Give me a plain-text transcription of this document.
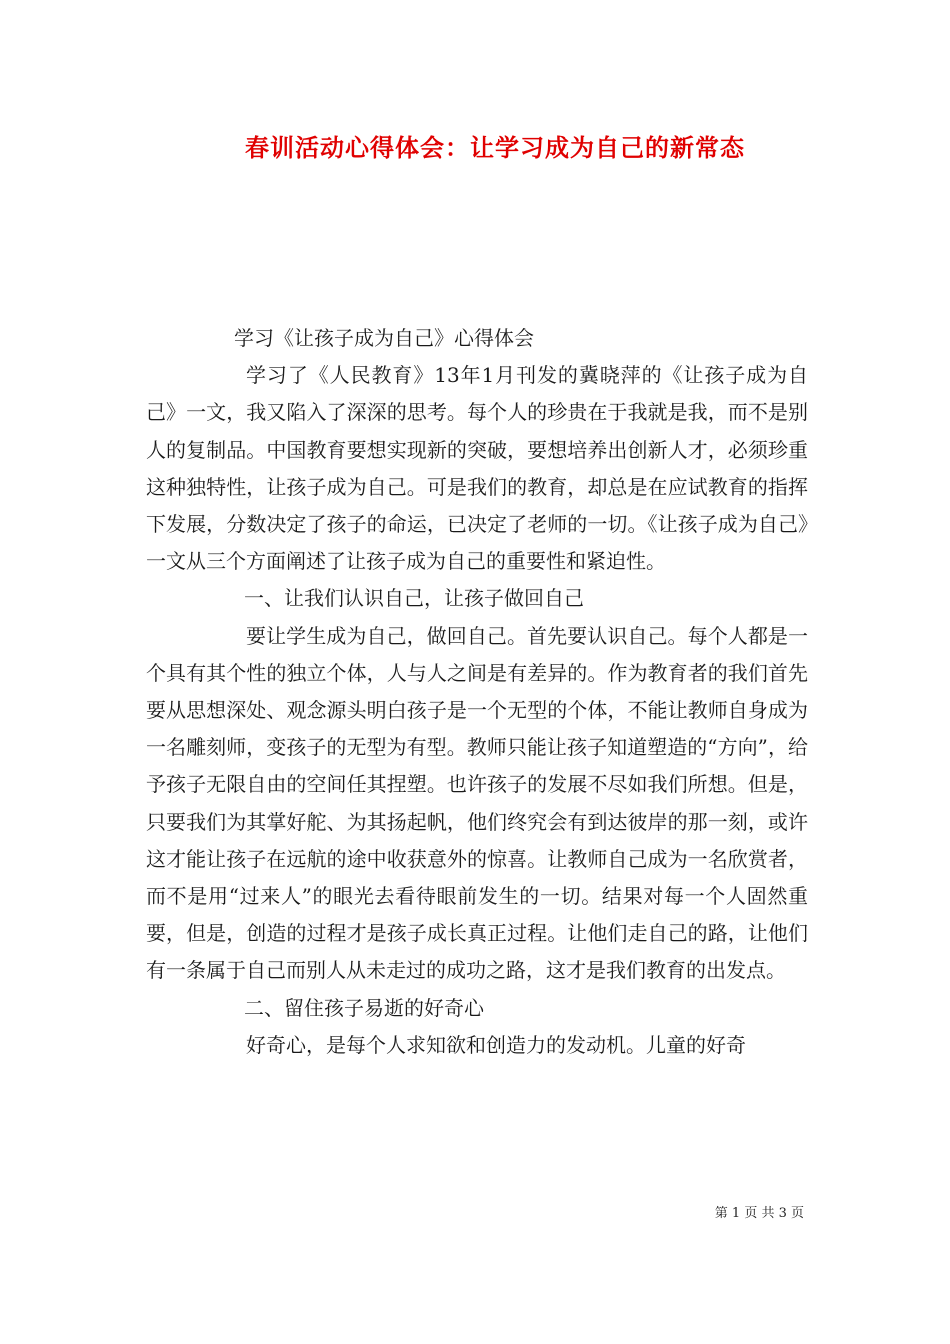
春训活动心得体会：让学习成为自己的新常态

学习《让孩子成为自己》心得体会

学习了《人民教育》13年1月刊发的冀晓萍的《让孩子成为自己》一文，我又陷入了深深的思考。每个人的珍贵在于我就是我，而不是别人的复制品。中国教育要想实现新的突破，要想培养出创新人才，必须珍重这种独特性，让孩子成为自己。可是我们的教育，却总是在应试教育的指挥下发展，分数决定了孩子的命运，已决定了老师的一切。《让孩子成为自己》一文从三个方面阐述了让孩子成为自己的重要性和紧迫性。

一、让我们认识自己，让孩子做回自己

要让学生成为自己，做回自己。首先要认识自己。每个人都是一个具有其个性的独立个体，人与人之间是有差异的。作为教育者的我们首先要从思想深处、观念源头明白孩子是一个无型的个体，不能让教师自身成为一名雕刻师，变孩子的无型为有型。教师只能让孩子知道塑造的“方向”，给予孩子无限自由的空间任其捏塑。也许孩子的发展不尽如我们所想。但是，只要我们为其掌好舵、为其扬起帆，他们终究会有到达彼岸的那一刻，或许这才能让孩子在远航的途中收获意外的惊喜。让教师自己成为一名欣赏者，而不是用“过来人”的眼光去看待眼前发生的一切。结果对每一个人固然重要，但是，创造的过程才是孩子成长真正过程。让他们走自己的路，让他们有一条属于自己而别人从未走过的成功之路，这才是我们教育的出发点。

二、留住孩子易逝的好奇心

好奇心，是每个人求知欲和创造力的发动机。儿童的好奇

第 1 页 共 3 页
